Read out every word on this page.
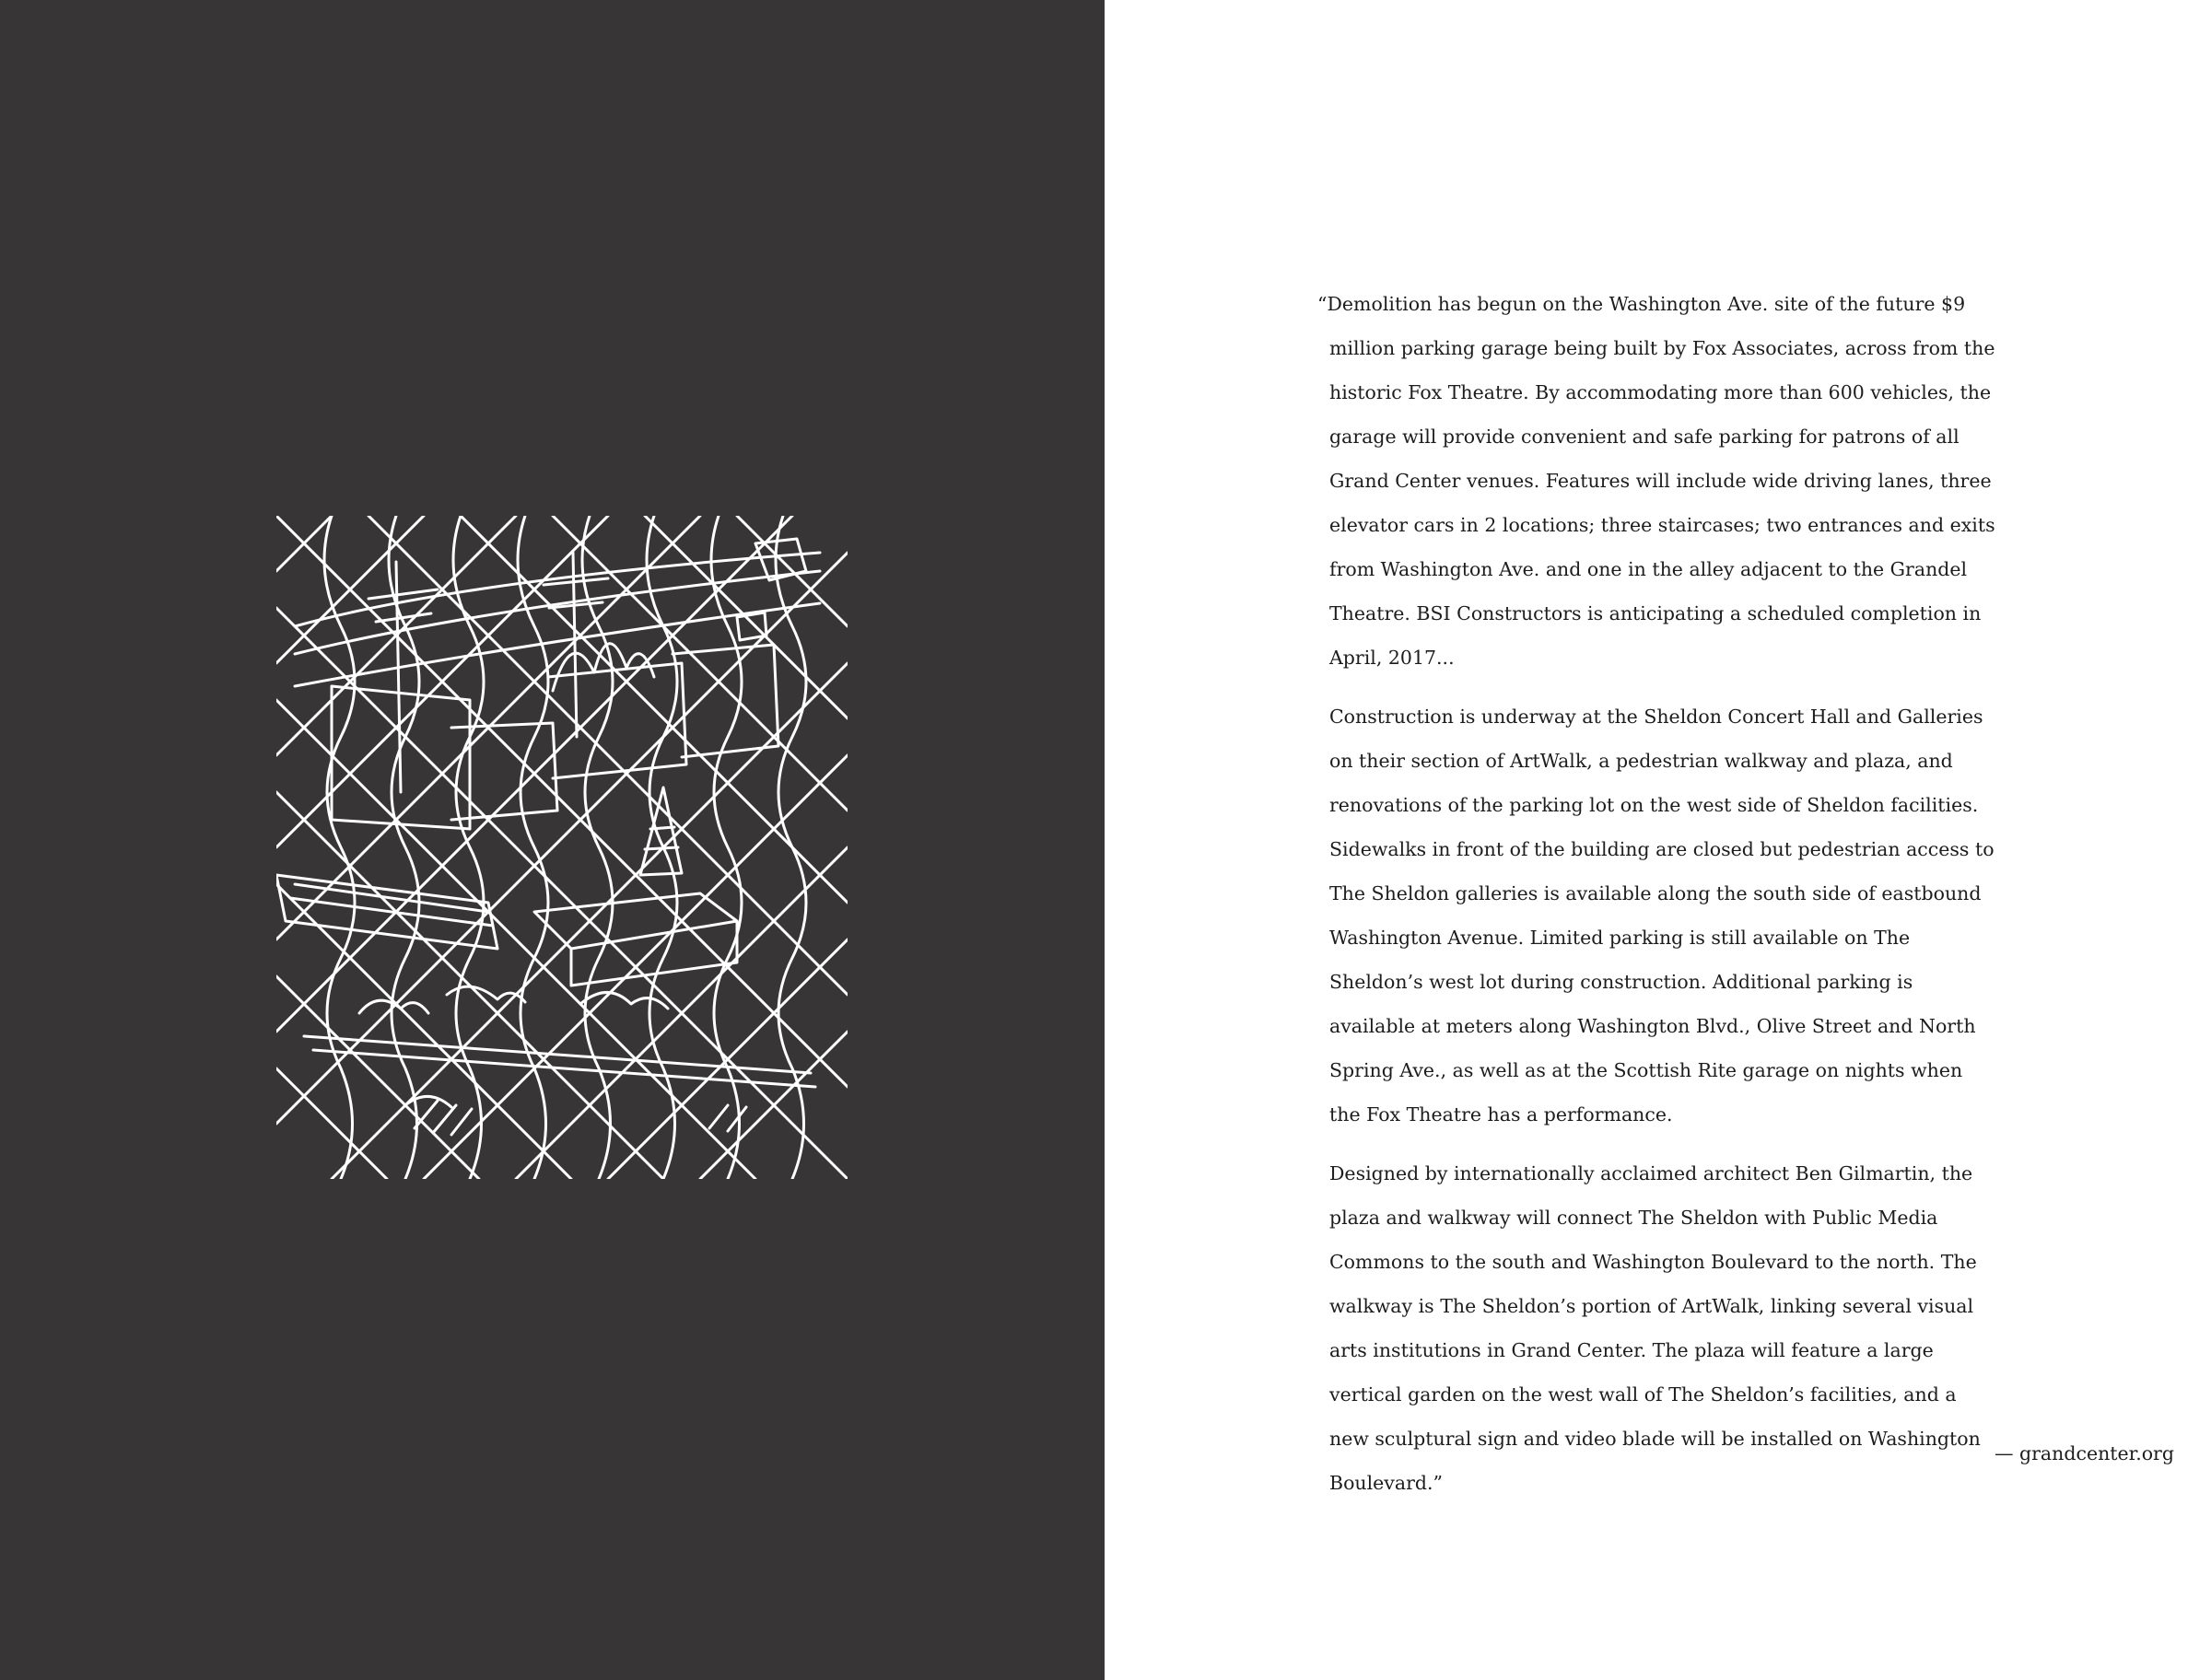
“Demolition has begun on the Washington Ave. site of the future $9 million parking garage being built by Fox Associates, across from the historic Fox Theatre. By accommodating more than 600 vehicles, the garage will provide convenient and safe parking for patrons of all Grand Center venues. Features will include wide driving lanes, three elevator cars in 2 locations; three staircases; two entrances and exits from Washington Ave. and one in the alley adjacent to the Grandel Theatre. BSI Constructors is anticipating a scheduled completion in April, 2017...

Construction is underway at the Sheldon Concert Hall and Galleries on their section of ArtWalk, a pedestrian walkway and plaza, and renovations of the parking lot on the west side of Sheldon facilities. Sidewalks in front of the building are closed but pedestrian access to The Sheldon galleries is available along the south side of eastbound Washington Avenue. Limited parking is still available on The Sheldon’s west lot during construction. Additional parking is available at meters along Washington Blvd., Olive Street and North Spring Ave., as well as at the Scottish Rite garage on nights when the Fox Theatre has a performance.

Designed by internationally acclaimed architect Ben Gilmartin, the plaza and walkway will connect The Sheldon with Public Media Commons to the south and Washington Boulevard to the north. The walkway is The Sheldon’s portion of ArtWalk, linking several visual arts institutions in Grand Center. The plaza will feature a large vertical garden on the west wall of The Sheldon’s facilities, and a new sculptural sign and video blade will be installed on Washington Boulevard.”

— grandcenter.org
